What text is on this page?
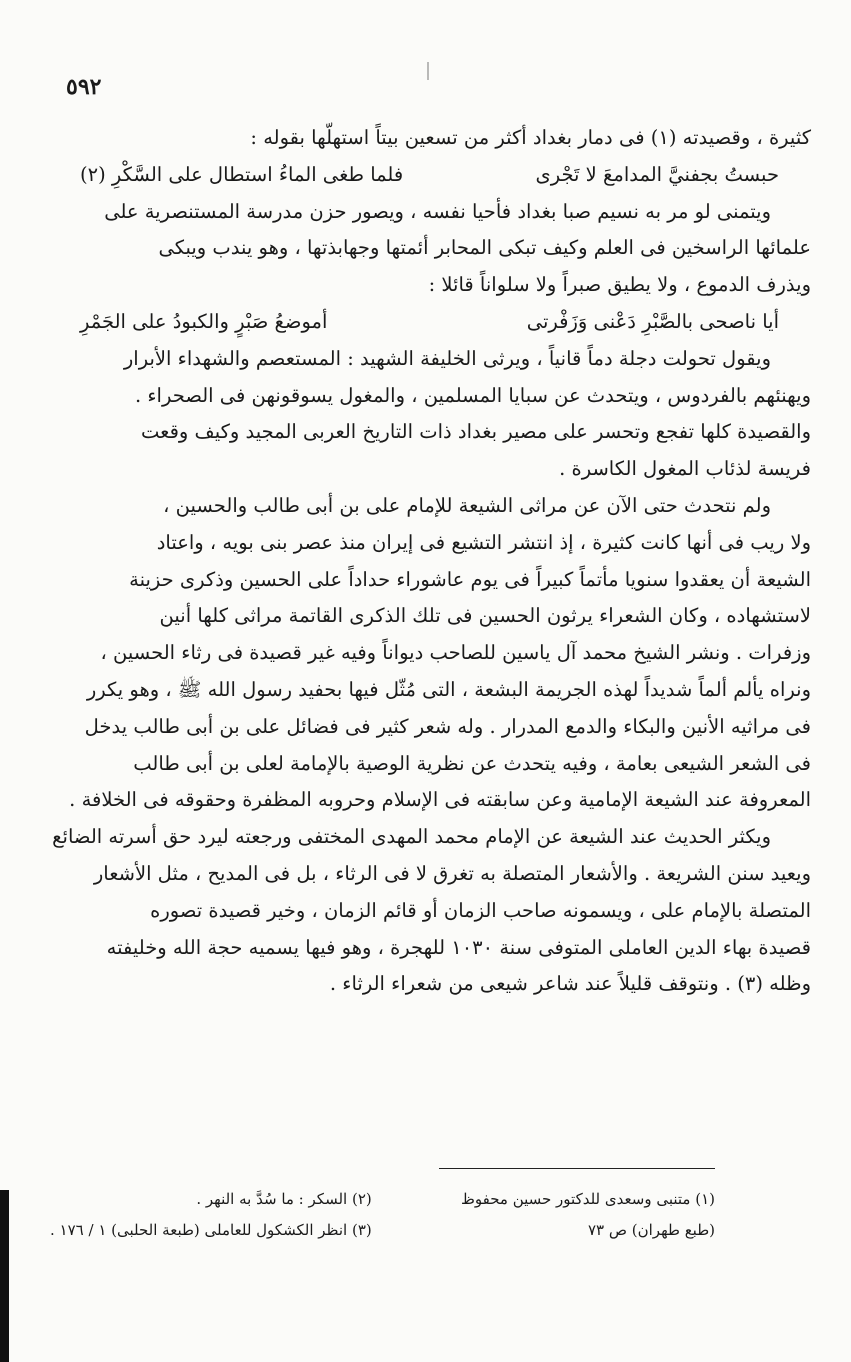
٥٩٢

كثيرة ، وقصيدته (١) فى دمار بغداد أكثر من تسعين بيتاً استهلّها بقوله :

حبستُ بجفنيَّ المدامعَ لا تَجْرى
فلما طغى الماءُ استطال على السَّكْرِ (٢)

ويتمنى لو مر به نسيم صبا بغداد فأحيا نفسه ، ويصور حزن مدرسة المستنصرية على

علمائها الراسخين فى العلم وكيف تبكى المحابر أئمتها وجهابذتها ، وهو يندب ويبكى

ويذرف الدموع ، ولا يطيق صبراً ولا سلواناً قائلا :

أيا ناصحى بالصَّبْرِ دَعْنى وَزَفْرتى
أموضعُ صَبْرٍ والكبودُ على الجَمْرِ

ويقول تحولت دجلة دماً قانياً ، ويرثى الخليفة الشهيد : المستعصم والشهداء الأبرار

ويهنئهم بالفردوس ، ويتحدث عن سبايا المسلمين ، والمغول يسوقونهن فى الصحراء .

والقصيدة كلها تفجع وتحسر على مصير بغداد ذات التاريخ العربى المجيد وكيف وقعت

فريسة لذئاب المغول الكاسرة .

ولم نتحدث حتى الآن عن مراثى الشيعة للإمام على بن أبى طالب والحسين ،

ولا ريب فى أنها كانت كثيرة ، إذ انتشر التشيع فى إيران منذ عصر بنى بويه ، واعتاد

الشيعة أن يعقدوا سنويا مأتماً كبيراً فى يوم عاشوراء حداداً على الحسين وذكرى حزينة

لاستشهاده ، وكان الشعراء يرثون الحسين فى تلك الذكرى القاتمة مراثى كلها أنين

وزفرات . ونشر الشيخ محمد آل ياسين للصاحب ديواناً وفيه غير قصيدة فى رثاء الحسين ،

ونراه يألم ألماً شديداً لهذه الجريمة البشعة ، التى مُثّل فيها بحفيد رسول الله ﷺ ، وهو يكرر

فى مراثيه الأنين والبكاء والدمع المدرار . وله شعر كثير فى فضائل على بن أبى طالب يدخل

فى الشعر الشيعى بعامة ، وفيه يتحدث عن نظرية الوصية بالإمامة لعلى بن أبى طالب

المعروفة عند الشيعة الإمامية وعن سابقته فى الإسلام وحروبه المظفرة وحقوقه فى الخلافة .

ويكثر الحديث عند الشيعة عن الإمام محمد المهدى المختفى ورجعته ليرد حق أسرته الضائع

ويعيد سنن الشريعة . والأشعار المتصلة به تغرق لا فى الرثاء ، بل فى المديح ، مثل الأشعار

المتصلة بالإمام على ، ويسمونه صاحب الزمان أو قائم الزمان ، وخير قصيدة تصوره

قصيدة بهاء الدين العاملى المتوفى سنة ١٠٣٠ للهجرة ، وهو فيها يسميه حجة الله وخليفته

وظله (٣) . ونتوقف قليلاً عند شاعر شيعى من شعراء الرثاء .

(١) متنبى وسعدى للدكتور حسين محفوظ
(طبع طهران) ص ٧٣
(٢) السكر : ما سُدَّ به النهر .
(٣) انظر الكشكول للعاملى (طبعة الحلبى) ١ / ١٧٦ .
